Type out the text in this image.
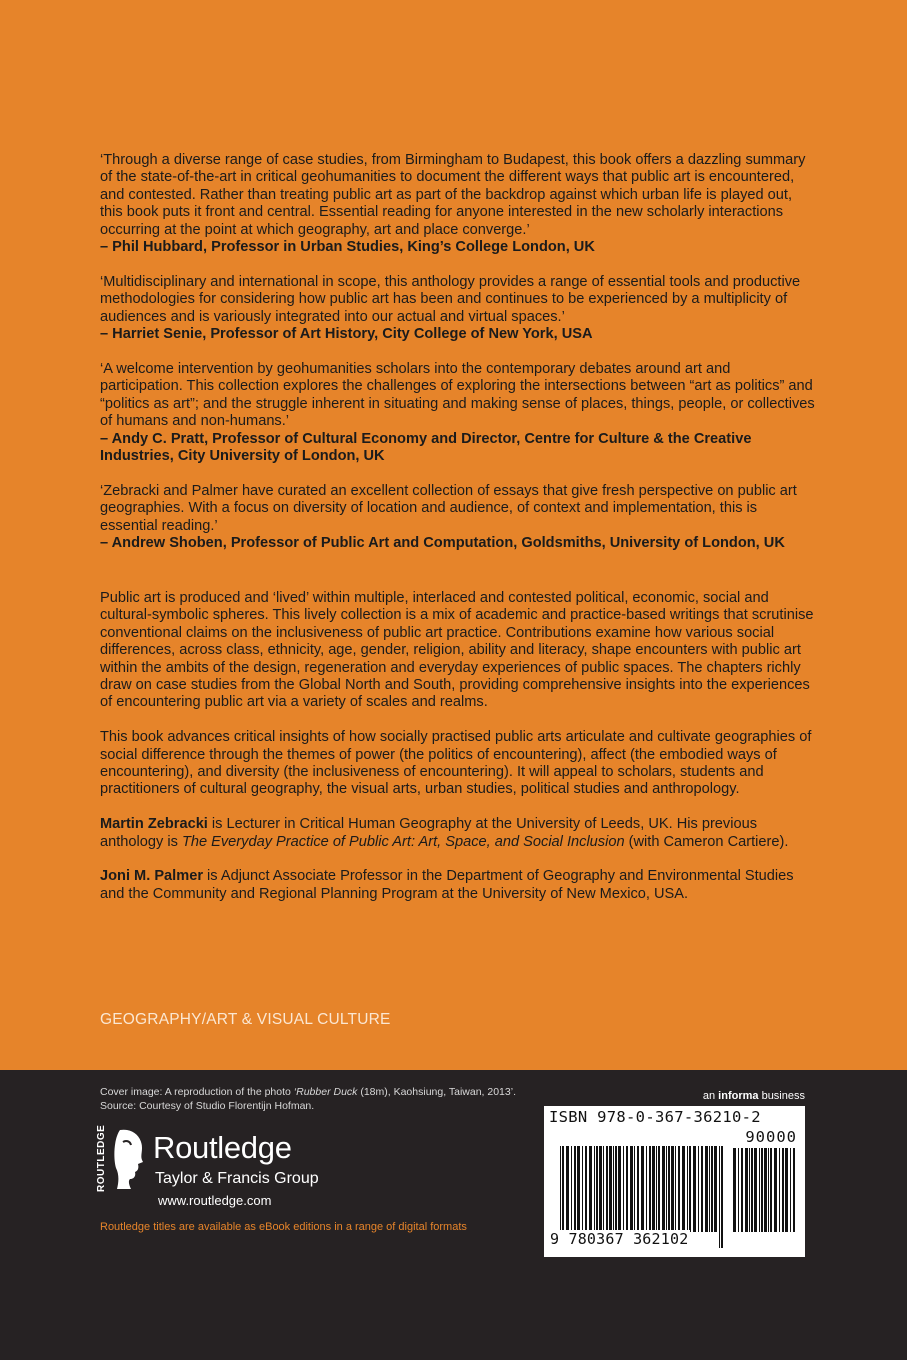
‘Through a diverse range of case studies, from Birmingham to Budapest, this book offers a dazzling summary of the state-of-the-art in critical geohumanities to document the different ways that public art is encountered, and contested. Rather than treating public art as part of the backdrop against which urban life is played out, this book puts it front and central. Essential reading for anyone interested in the new scholarly interactions occurring at the point at which geography, art and place converge.’
– Phil Hubbard, Professor in Urban Studies, King’s College London, UK
‘Multidisciplinary and international in scope, this anthology provides a range of essential tools and productive methodologies for considering how public art has been and continues to be experienced by a multiplicity of audiences and is variously integrated into our actual and virtual spaces.’
– Harriet Senie, Professor of Art History, City College of New York, USA
‘A welcome intervention by geohumanities scholars into the contemporary debates around art and participation. This collection explores the challenges of exploring the intersections between “art as politics” and “politics as art”; and the struggle inherent in situating and making sense of places, things, people, or collectives of humans and non-humans.’
– Andy C. Pratt, Professor of Cultural Economy and Director, Centre for Culture & the Creative Industries, City University of London, UK
‘Zebracki and Palmer have curated an excellent collection of essays that give fresh perspective on public art geographies. With a focus on diversity of location and audience, of context and implementation, this is essential reading.’
– Andrew Shoben, Professor of Public Art and Computation, Goldsmiths, University of London, UK

Public art is produced and ‘lived’ within multiple, interlaced and contested political, economic, social and cultural-symbolic spheres. This lively collection is a mix of academic and practice-based writings that scrutinise conventional claims on the inclusiveness of public art practice. Contributions examine how various social differences, across class, ethnicity, age, gender, religion, ability and literacy, shape encounters with public art within the ambits of the design, regeneration and everyday experiences of public spaces. The chapters richly draw on case studies from the Global North and South, providing comprehensive insights into the experiences of encountering public art via a variety of scales and realms.

This book advances critical insights of how socially practised public arts articulate and cultivate geographies of social difference through the themes of power (the politics of encountering), affect (the embodied ways of encountering), and diversity (the inclusiveness of encountering). It will appeal to scholars, students and practitioners of cultural geography, the visual arts, urban studies, political studies and anthropology.

Martin Zebracki is Lecturer in Critical Human Geography at the University of Leeds, UK. His previous anthology is The Everyday Practice of Public Art: Art, Space, and Social Inclusion (with Cameron Cartiere).

Joni M. Palmer is Adjunct Associate Professor in the Department of Geography and Environmental Studies and the Community and Regional Planning Program at the University of New Mexico, USA.

GEOGRAPHY/ART & VISUAL CULTURE
Cover image: A reproduction of the photo ‘Rubber Duck (18m), Kaohsiung, Taiwan, 2013’. Source: Courtesy of Studio Florentijn Hofman.
ROUTLEDGE Routledge
Taylor & Francis Group
www.routledge.com
Routledge titles are available as eBook editions in a range of digital formats
an informa business
ISBN 978-0-367-36210-2
90000
9 780367 362102
